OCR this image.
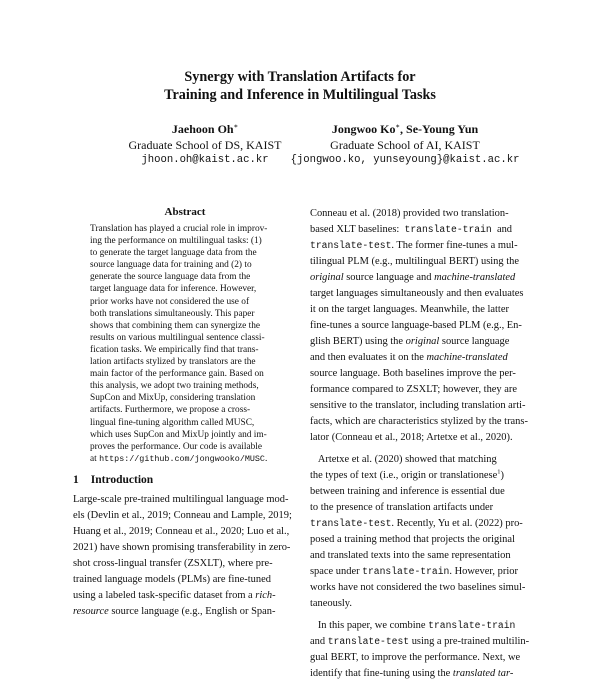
Synergy with Translation Artifacts for
Training and Inference in Multilingual Tasks
Jaehoon Oh∗
Graduate School of DS, KAIST
jhoon.oh@kaist.ac.kr
Jongwoo Ko∗, Se-Young Yun
Graduate School of AI, KAIST
{jongwoo.ko, yunseyoung}@kaist.ac.kr
Abstract
Translation has played a crucial role in improv-
ing the performance on multilingual tasks: (1)
to generate the target language data from the
source language data for training and (2) to
generate the source language data from the
target language data for inference. However,
prior works have not considered the use of
both translations simultaneously. This paper
shows that combining them can synergize the
results on various multilingual sentence classi-
fication tasks. We empirically find that trans-
lation artifacts stylized by translators are the
main factor of the performance gain. Based on
this analysis, we adopt two training methods,
SupCon and MixUp, considering translation
artifacts. Furthermore, we propose a cross-
lingual fine-tuning algorithm called MUSC,
which uses SupCon and MixUp jointly and im-
proves the performance. Our code is available
at https://github.com/jongwooko/MUSC.
1 Introduction
Large-scale pre-trained multilingual language mod-
els (Devlin et al., 2019; Conneau and Lample, 2019;
Huang et al., 2019; Conneau et al., 2020; Luo et al.,
2021) have shown promising transferability in zero-
shot cross-lingual transfer (ZSXLT), where pre-
trained language models (PLMs) are fine-tuned
using a labeled task-specific dataset from a rich-
resource source language (e.g., English or Span-
Conneau et al. (2018) provided two translation-
based XLT baselines: translate-train and
translate-test. The former fine-tunes a mul-
tilingual PLM (e.g., multilingual BERT) using the
original source language and machine-translated
target languages simultaneously and then evaluates
it on the target languages. Meanwhile, the latter
fine-tunes a source language-based PLM (e.g., En-
glish BERT) using the original source language
and then evaluates it on the machine-translated
source language. Both baselines improve the per-
formance compared to ZSXLT; however, they are
sensitive to the translator, including translation arti-
facts, which are characteristics stylized by the trans-
lator (Conneau et al., 2018; Artetxe et al., 2020).
Artetxe et al. (2020) showed that matching
the types of text (i.e., origin or translationese$^1$)
between training and inference is essential due
to the presence of translation artifacts under
translate-test. Recently, Yu et al. (2022) pro-
posed a training method that projects the original
and translated texts into the same representation
space under translate-train. However, prior
works have not considered the two baselines simul-
taneously.
In this paper, we combine translate-train
and translate-test using a pre-trained multilin-
gual BERT, to improve the performance. Next, we
identify that fine-tuning using the translated tar-
